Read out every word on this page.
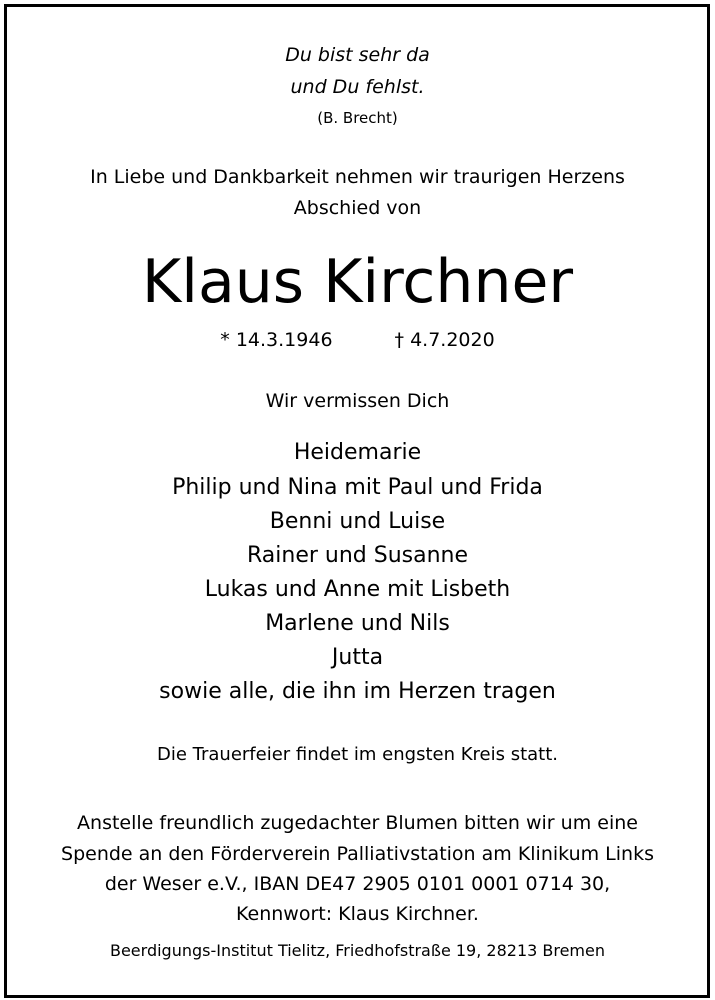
Du bist sehr da
und Du fehlst.
(B. Brecht)
In Liebe und Dankbarkeit nehmen wir traurigen Herzens
Abschied von
Klaus Kirchner
* 14.3.1946	† 4.7.2020
Wir vermissen Dich
Heidemarie
Philip und Nina mit Paul und Frida
Benni und Luise
Rainer und Susanne
Lukas und Anne mit Lisbeth
Marlene und Nils
Jutta
sowie alle, die ihn im Herzen tragen
Die Trauerfeier findet im engsten Kreis statt.
Anstelle freundlich zugedachter Blumen bitten wir um eine
Spende an den Förderverein Palliativstation am Klinikum Links
der Weser e.V., IBAN DE47 2905 0101 0001 0714 30,
Kennwort: Klaus Kirchner.
Beerdigungs-Institut Tielitz, Friedhofstraße 19, 28213 Bremen
